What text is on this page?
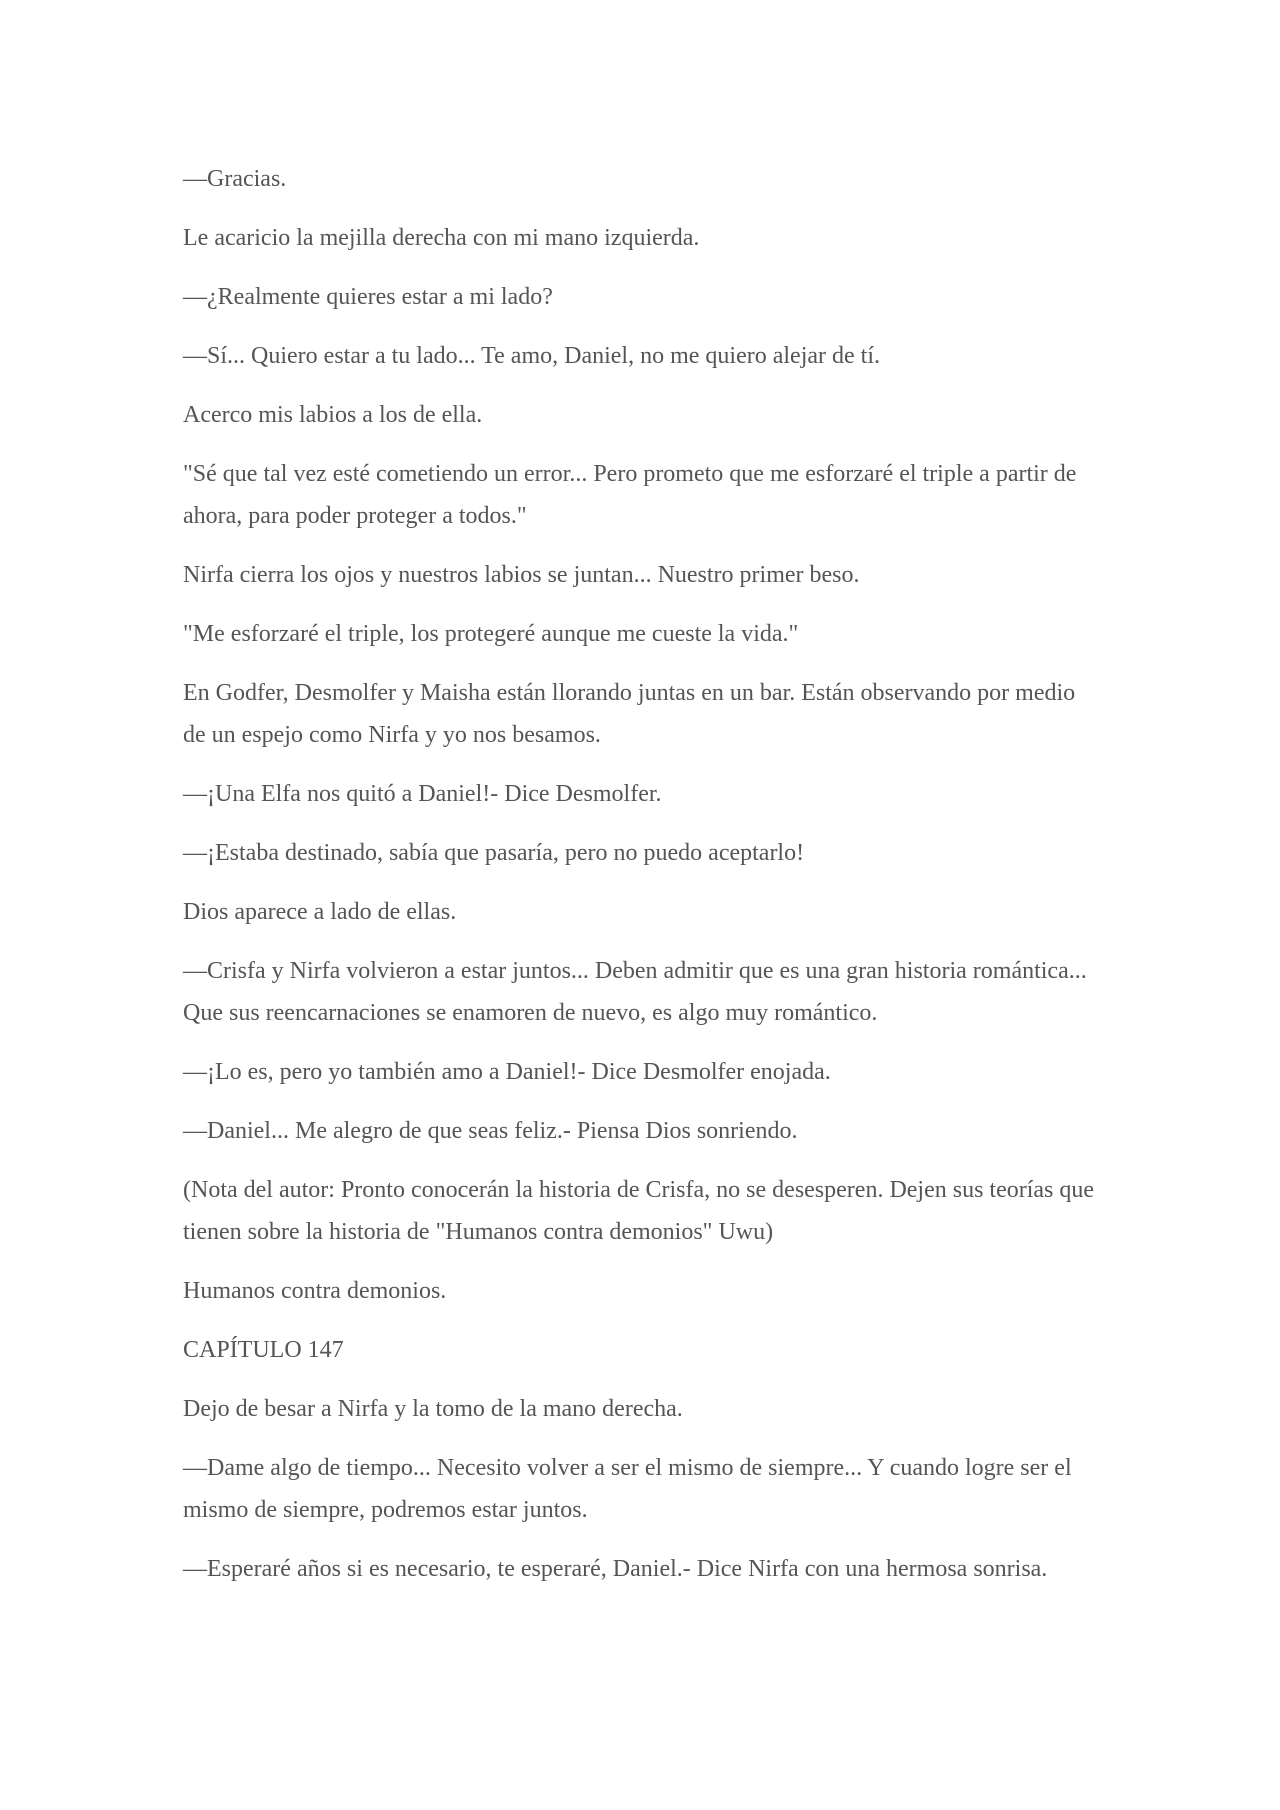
—Gracias.

Le acaricio la mejilla derecha con mi mano izquierda.

—¿Realmente quieres estar a mi lado?

—Sí... Quiero estar a tu lado... Te amo, Daniel, no me quiero alejar de tí.

Acerco mis labios a los de ella.

"Sé que tal vez esté cometiendo un error... Pero prometo que me esforzaré el triple a partir de ahora, para poder proteger a todos."

Nirfa cierra los ojos y nuestros labios se juntan... Nuestro primer beso.

"Me esforzaré el triple, los protegeré aunque me cueste la vida."

En Godfer, Desmolfer y Maisha están llorando juntas en un bar. Están observando por medio de un espejo como Nirfa y yo nos besamos.

—¡Una Elfa nos quitó a Daniel!- Dice Desmolfer.

—¡Estaba destinado, sabía que pasaría, pero no puedo aceptarlo!

Dios aparece a lado de ellas.

—Crisfa y Nirfa volvieron a estar juntos... Deben admitir que es una gran historia romántica... Que sus reencarnaciones se enamoren de nuevo, es algo muy romántico.

—¡Lo es, pero yo también amo a Daniel!- Dice Desmolfer enojada.

—Daniel... Me alegro de que seas feliz.- Piensa Dios sonriendo.

(Nota del autor: Pronto conocerán la historia de Crisfa, no se desesperen. Dejen sus teorías que tienen sobre la historia de "Humanos contra demonios" Uwu)

Humanos contra demonios.

CAPÍTULO 147

Dejo de besar a Nirfa y la tomo de la mano derecha.

—Dame algo de tiempo... Necesito volver a ser el mismo de siempre... Y cuando logre ser el mismo de siempre, podremos estar juntos.

—Esperaré años si es necesario, te esperaré, Daniel.- Dice Nirfa con una hermosa sonrisa.
